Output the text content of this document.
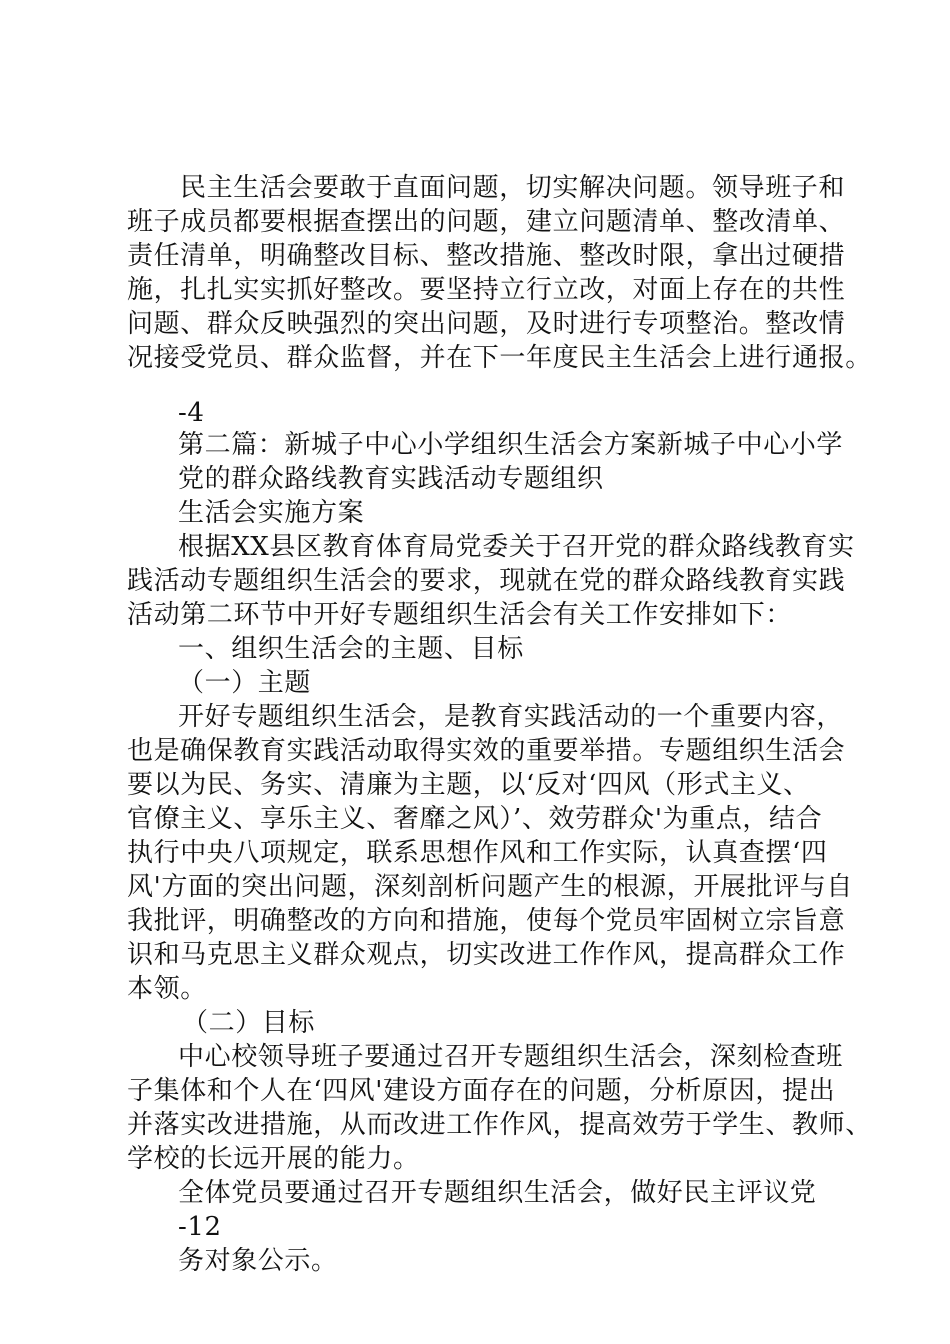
民主生活会要敢于直面问题，切实解决问题。领导班子和
班子成员都要根据查摆出的问题，建立问题清单、整改清单、
责任清单，明确整改目标、整改措施、整改时限，拿出过硬措
施，扎扎实实抓好整改。要坚持立行立改，对面上存在的共性
问题、群众反映强烈的突出问题，及时进行专项整治。整改情
况接受党员、群众监督，并在下一年度民主生活会上进行通报。
-4
第二篇：新城子中心小学组织生活会方案新城子中心小学
党的群众路线教育实践活动专题组织
生活会实施方案
根据XX县区教育体育局党委关于召开党的群众路线教育实
践活动专题组织生活会的要求，现就在党的群众路线教育实践
活动第二环节中开好专题组织生活会有关工作安排如下：
一、组织生活会的主题、目标
（一）主题
开好专题组织生活会，是教育实践活动的一个重要内容，
也是确保教育实践活动取得实效的重要举措。专题组织生活会
要以为民、务实、清廉为主题，以‘反对‘四风（形式主义、
官僚主义、享乐主义、奢靡之风）’、效劳群众'为重点，结合
执行中央八项规定，联系思想作风和工作实际，认真查摆‘四
风'方面的突出问题，深刻剖析问题产生的根源，开展批评与自
我批评，明确整改的方向和措施，使每个党员牢固树立宗旨意
识和马克思主义群众观点，切实改进工作作风，提高群众工作
本领。
（二）目标
中心校领导班子要通过召开专题组织生活会，深刻检查班
子集体和个人在‘四风'建设方面存在的问题，分析原因，提出
并落实改进措施，从而改进工作作风，提高效劳于学生、教师、
学校的长远开展的能力。
全体党员要通过召开专题组织生活会，做好民主评议党
-12
务对象公示。
